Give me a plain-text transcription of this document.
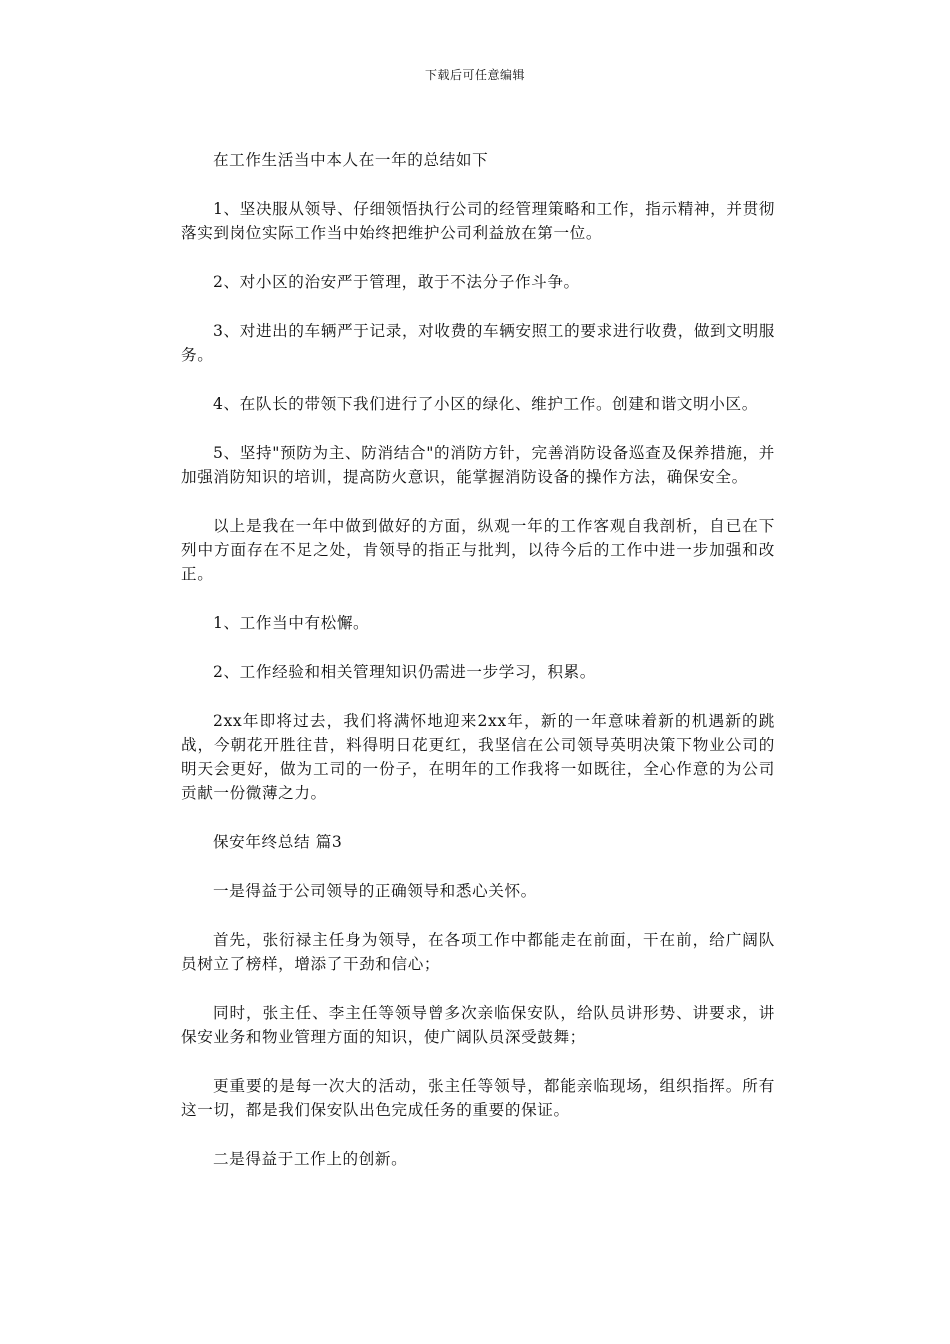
下载后可任意编辑

在工作生活当中本人在一年的总结如下

1、坚决服从领导、仔细领悟执行公司的经管理策略和工作，指示精神，并贯彻落实到岗位实际工作当中始终把维护公司利益放在第一位。

2、对小区的治安严于管理，敢于不法分子作斗争。

3、对进出的车辆严于记录，对收费的车辆安照工的要求进行收费，做到文明服务。

4、在队长的带领下我们进行了小区的绿化、维护工作。创建和谐文明小区。

5、坚持"预防为主、防消结合"的消防方针，完善消防设备巡查及保养措施，并加强消防知识的培训，提高防火意识，能掌握消防设备的操作方法，确保安全。

以上是我在一年中做到做好的方面，纵观一年的工作客观自我剖析，自已在下列中方面存在不足之处，肯领导的指正与批判，以待今后的工作中进一步加强和改正。

1、工作当中有松懈。

2、工作经验和相关管理知识仍需进一步学习，积累。

2xx年即将过去，我们将满怀地迎来2xx年，新的一年意味着新的机遇新的跳战，今朝花开胜往昔，料得明日花更红，我坚信在公司领导英明决策下物业公司的明天会更好，做为工司的一份子，在明年的工作我将一如既往，全心作意的为公司贡献一份微薄之力。

保安年终总结 篇3

一是得益于公司领导的正确领导和悉心关怀。

首先，张衍禄主任身为领导，在各项工作中都能走在前面，干在前，给广阔队员树立了榜样，增添了干劲和信心；

同时，张主任、李主任等领导曾多次亲临保安队，给队员讲形势、讲要求，讲保安业务和物业管理方面的知识，使广阔队员深受鼓舞；

更重要的是每一次大的活动，张主任等领导，都能亲临现场，组织指挥。所有这一切，都是我们保安队出色完成任务的重要的保证。

二是得益于工作上的创新。
